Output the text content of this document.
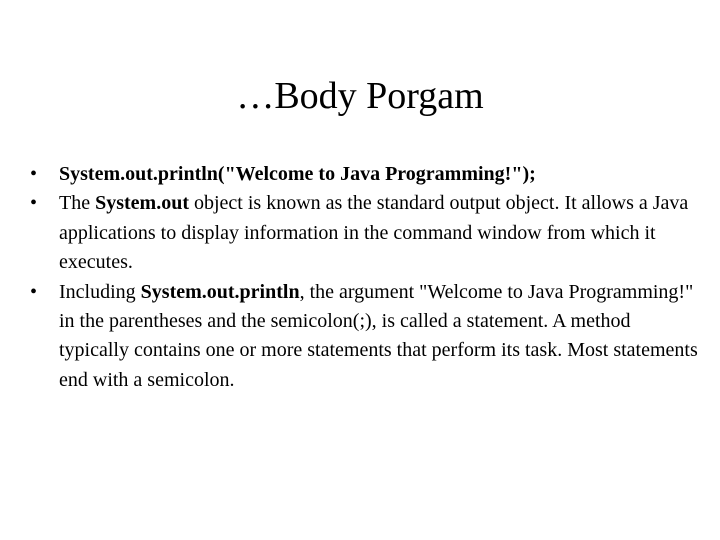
…Body Porgam
•	System.out.println("Welcome to Java Programming!");
•	The System.out object is known as the standard output object. It allows a Java applications to display information in the command window from which it executes.
•	Including System.out.println, the argument "Welcome to Java Programming!" in the parentheses and the semicolon(;), is called a statement. A method typically contains one or more statements that perform its task. Most statements end with a semicolon.
